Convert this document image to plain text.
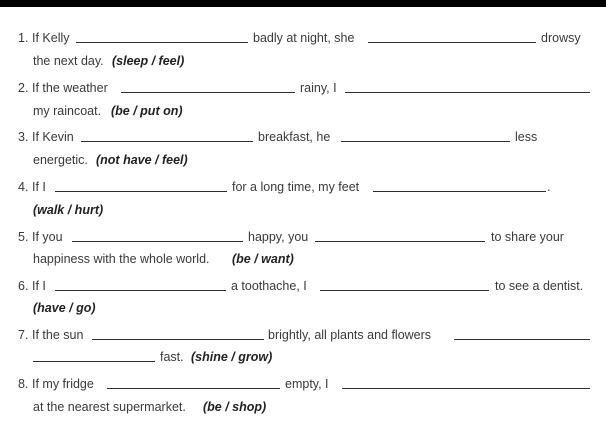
1. If Kelly	badly at night, she	drowsy
the next day. (sleep / feel)
2. If the weather	rainy, I
my raincoat. (be / put on)
3. If Kevin	breakfast, he	less
energetic. (not have / feel)
4. If I	for a long time, my feet	.
(walk / hurt)
5. If you	happy, you	to share your
happiness with the whole world. (be / want)
6. If I	a toothache, I	to see a dentist.
(have / go)
7. If the sun	brightly, all plants and flowers
fast. (shine / grow)
8. If my fridge	empty, I
at the nearest supermarket. (be / shop)
